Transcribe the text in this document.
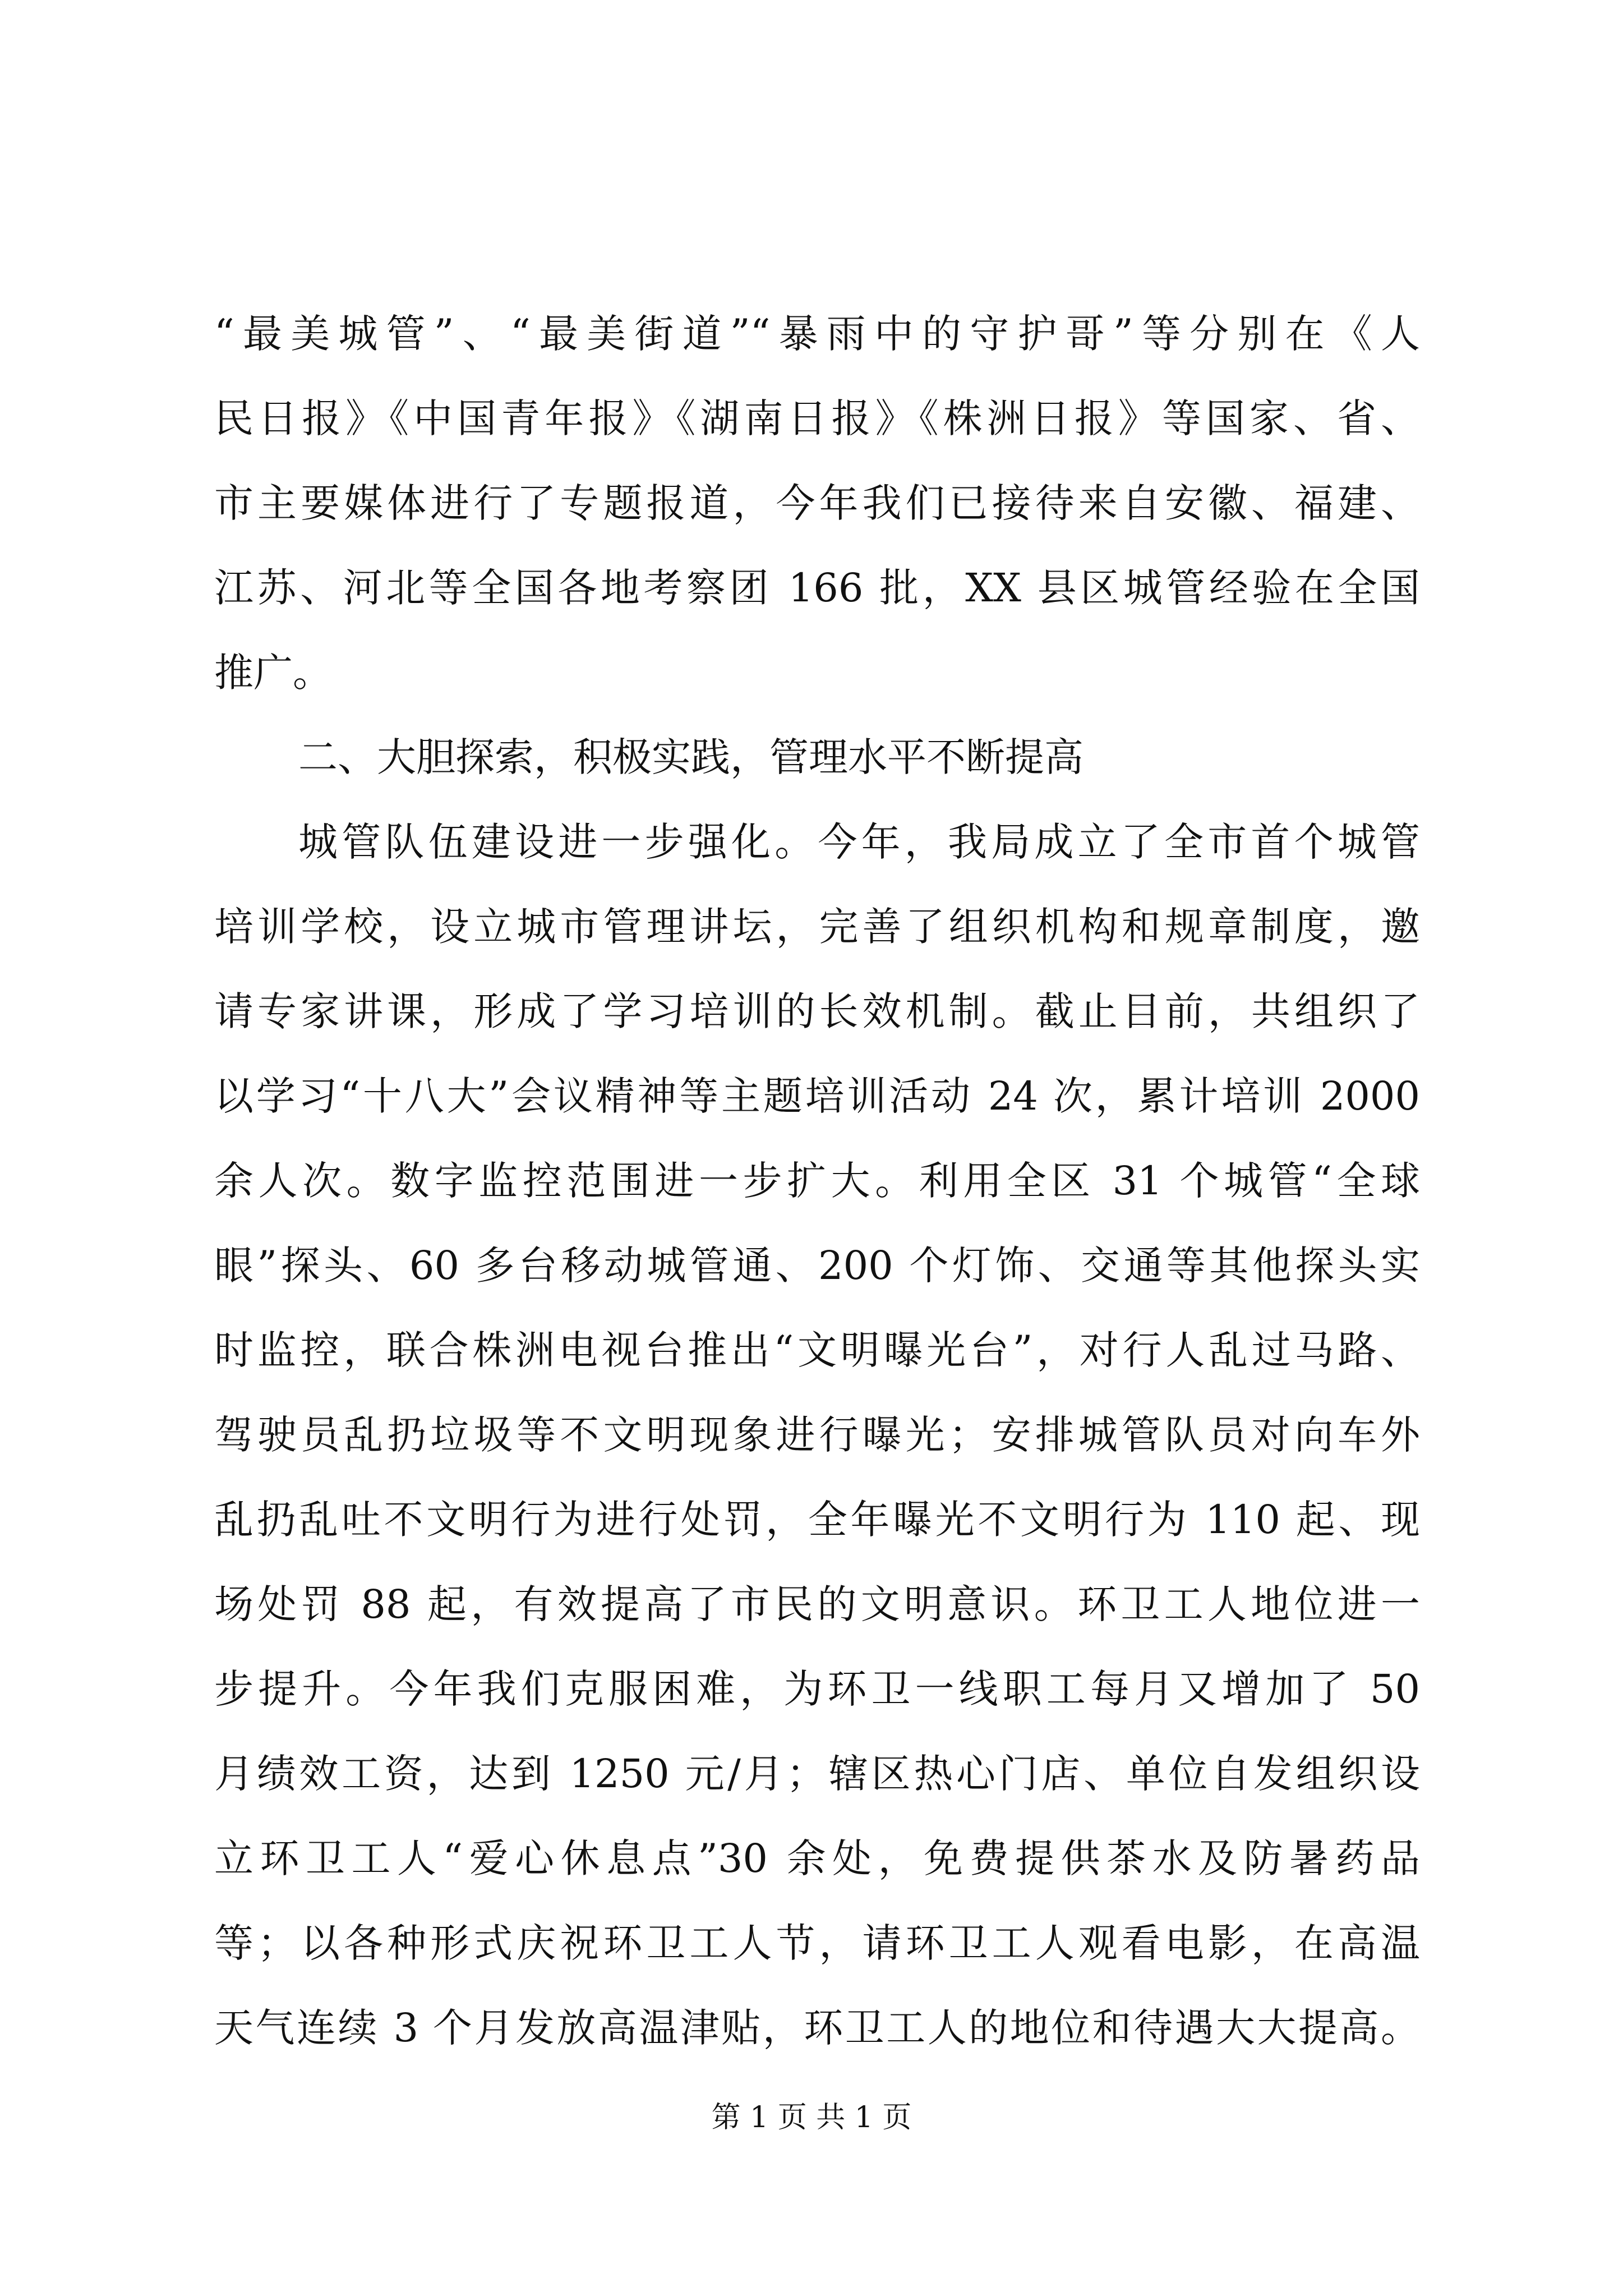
“最美城管”、“最美街道”“暴雨中的守护哥”等分别在《人
民日报》《中国青年报》《湖南日报》《株洲日报》等国家、省、
市主要媒体进行了专题报道，今年我们已接待来自安徽、福建、
江苏、河北等全国各地考察团 166 批，XX 县区城管经验在全国
推广。
二、大胆探索，积极实践，管理水平不断提高
城管队伍建设进一步强化。今年，我局成立了全市首个城管
培训学校，设立城市管理讲坛，完善了组织机构和规章制度，邀
请专家讲课，形成了学习培训的长效机制。截止目前，共组织了
以学习“十八大”会议精神等主题培训活动 24 次，累计培训 2000
余人次。数字监控范围进一步扩大。利用全区 31 个城管“全球
眼”探头、60 多台移动城管通、200 个灯饰、交通等其他探头实
时监控，联合株洲电视台推出“文明曝光台”，对行人乱过马路、
驾驶员乱扔垃圾等不文明现象进行曝光；安排城管队员对向车外
乱扔乱吐不文明行为进行处罚，全年曝光不文明行为 110 起、现
场处罚 88 起，有效提高了市民的文明意识。环卫工人地位进一
步提升。今年我们克服困难，为环卫一线职工每月又增加了 50
月绩效工资，达到 1250 元/月；辖区热心门店、单位自发组织设
立环卫工人“爱心休息点”30 余处，免费提供茶水及防暑药品
等；以各种形式庆祝环卫工人节，请环卫工人观看电影，在高温
天气连续 3 个月发放高温津贴，环卫工人的地位和待遇大大提高。
第 1 页 共 1 页
